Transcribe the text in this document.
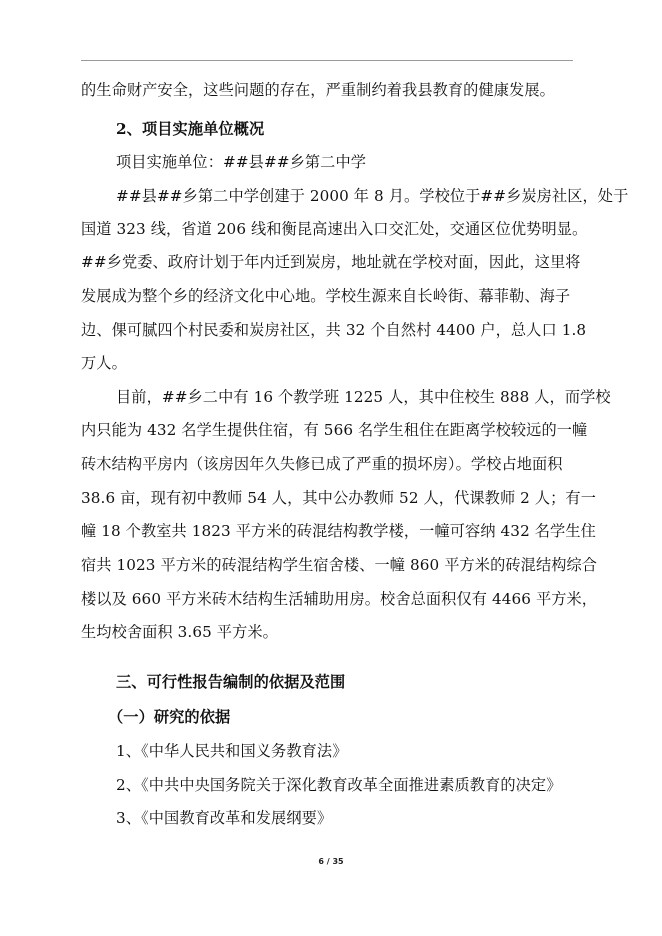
的生命财产安全，这些问题的存在，严重制约着我县教育的健康发展。
2、项目实施单位概况
项目实施单位：##县##乡第二中学
##县##乡第二中学创建于 2000 年 8 月。学校位于##乡炭房社区，处于
国道 323 线，省道 206 线和衡昆高速出入口交汇处，交通区位优势明显。
##乡党委、政府计划于年内迁到炭房，地址就在学校对面，因此，这里将
发展成为整个乡的经济文化中心地。学校生源来自长岭街、幕菲勒、海子
边、倮可腻四个村民委和炭房社区，共 32 个自然村 4400 户，总人口 1.8
万人。
目前，##乡二中有 16 个教学班 1225 人，其中住校生 888 人，而学校
内只能为 432 名学生提供住宿，有 566 名学生租住在距离学校较远的一幢
砖木结构平房内（该房因年久失修已成了严重的损坏房）。学校占地面积
38.6 亩，现有初中教师 54 人，其中公办教师 52 人，代课教师 2 人；有一
幢 18 个教室共 1823 平方米的砖混结构教学楼，一幢可容纳 432 名学生住
宿共 1023 平方米的砖混结构学生宿舍楼、一幢 860 平方米的砖混结构综合
楼以及 660 平方米砖木结构生活辅助用房。校舍总面积仅有 4466 平方米，
生均校舍面积 3.65 平方米。
三、可行性报告编制的依据及范围
（一）研究的依据
1、《中华人民共和国义务教育法》
2、《中共中央国务院关于深化教育改革全面推进素质教育的决定》
3、《中国教育改革和发展纲要》
6 / 35
